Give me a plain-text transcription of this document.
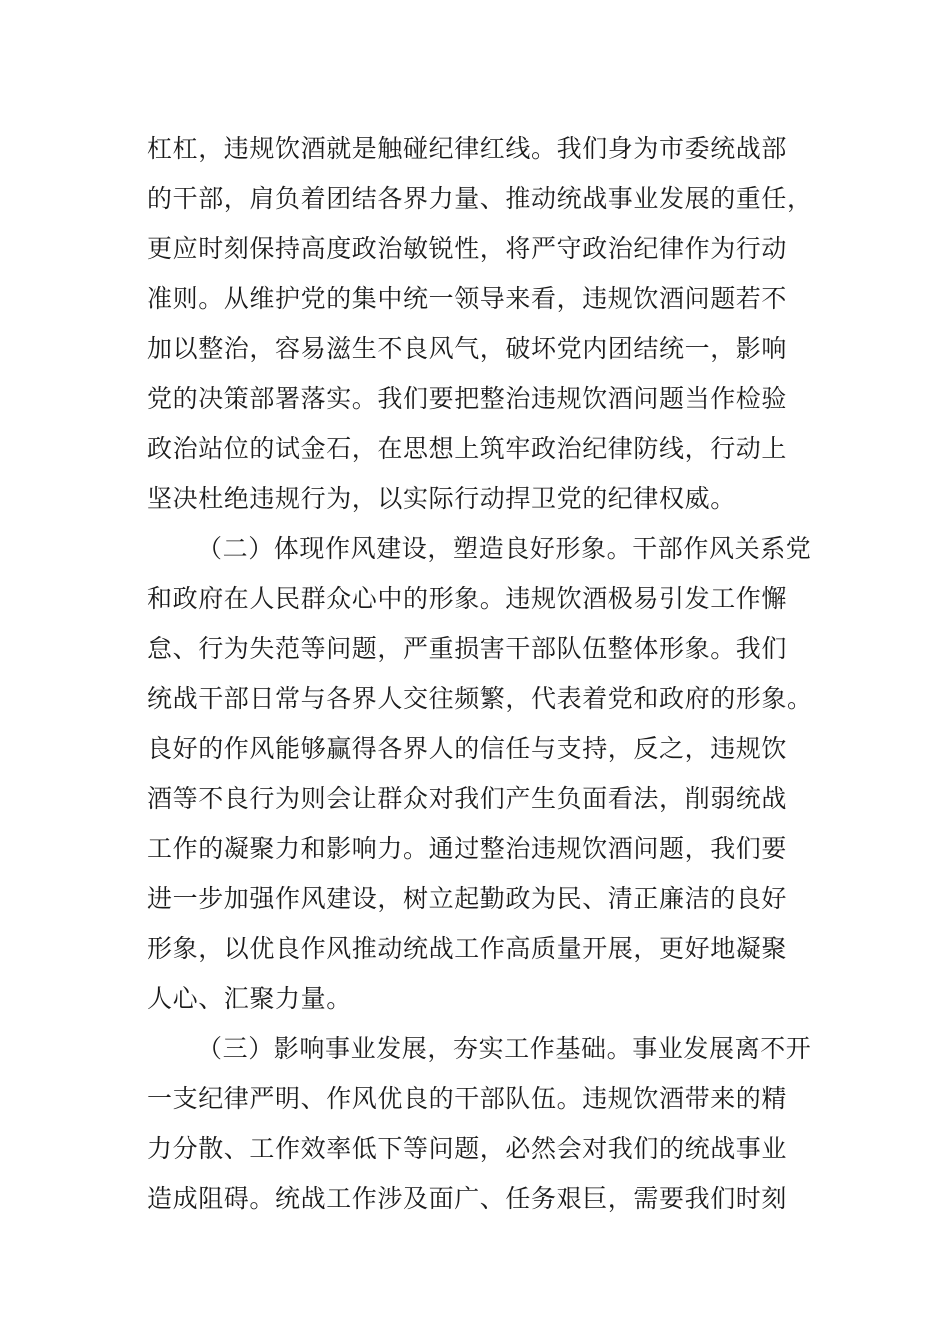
杠杠，违规饮酒就是触碰纪律红线。我们身为市委统战部
的干部，肩负着团结各界力量、推动统战事业发展的重任，
更应时刻保持高度政治敏锐性，将严守政治纪律作为行动
准则。从维护党的集中统一领导来看，违规饮酒问题若不
加以整治，容易滋生不良风气，破坏党内团结统一，影响
党的决策部署落实。我们要把整治违规饮酒问题当作检验
政治站位的试金石，在思想上筑牢政治纪律防线，行动上
坚决杜绝违规行为，以实际行动捍卫党的纪律权威。
（二）体现作风建设，塑造良好形象。干部作风关系党
和政府在人民群众心中的形象。违规饮酒极易引发工作懈
怠、行为失范等问题，严重损害干部队伍整体形象。我们
统战干部日常与各界人交往频繁，代表着党和政府的形象。
良好的作风能够赢得各界人的信任与支持，反之，违规饮
酒等不良行为则会让群众对我们产生负面看法，削弱统战
工作的凝聚力和影响力。通过整治违规饮酒问题，我们要
进一步加强作风建设，树立起勤政为民、清正廉洁的良好
形象，以优良作风推动统战工作高质量开展，更好地凝聚
人心、汇聚力量。
（三）影响事业发展，夯实工作基础。事业发展离不开
一支纪律严明、作风优良的干部队伍。违规饮酒带来的精
力分散、工作效率低下等问题，必然会对我们的统战事业
造成阻碍。统战工作涉及面广、任务艰巨，需要我们时刻
